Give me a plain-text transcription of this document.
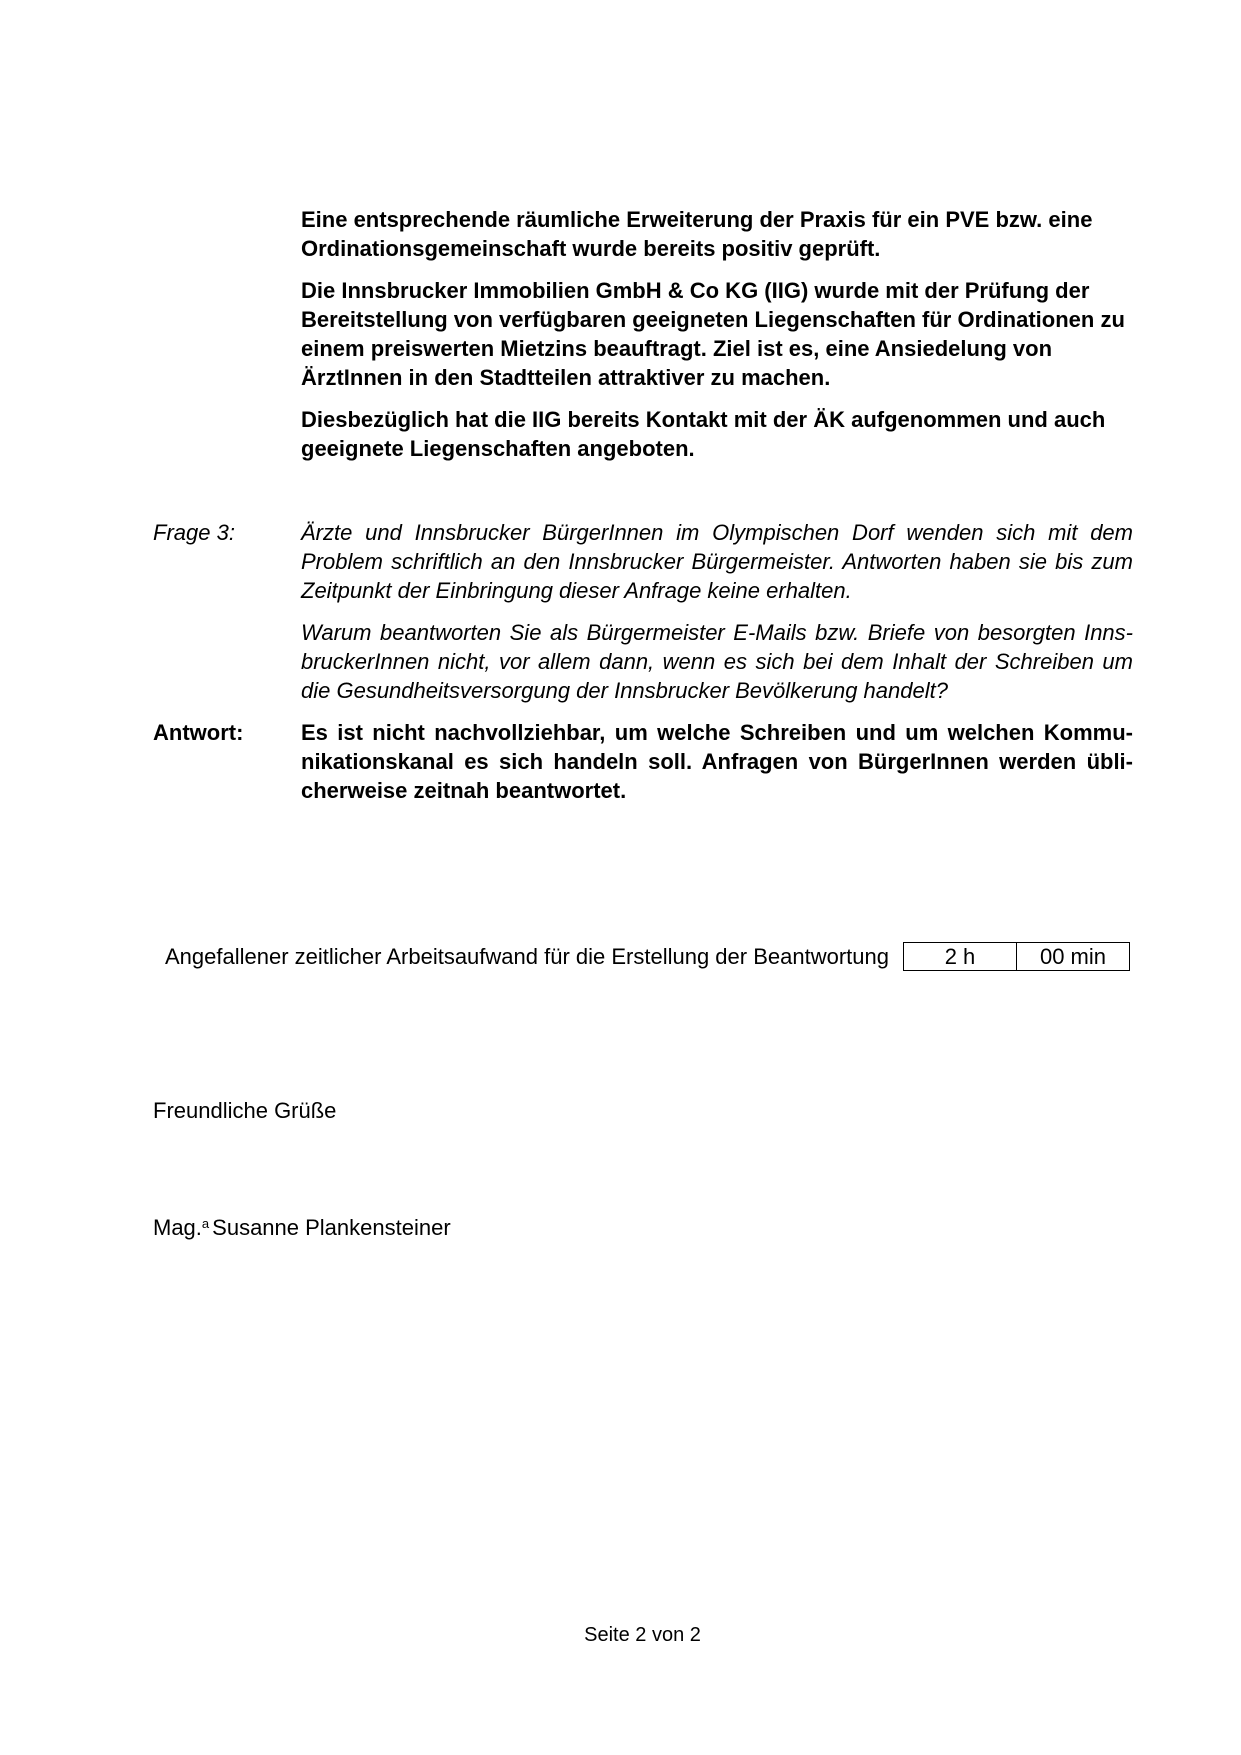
Eine entsprechende räumliche Erweiterung der Praxis für ein PVE bzw. eine Ordinationsgemeinschaft wurde bereits positiv geprüft.

Die Innsbrucker Immobilien GmbH & Co KG (IIG) wurde mit der Prüfung der Bereitstellung von verfügbaren geeigneten Liegenschaften für Ordinationen zu einem preiswerten Mietzins beauftragt. Ziel ist es, eine Ansiedelung von ÄrztInnen in den Stadtteilen attraktiver zu machen.

Diesbezüglich hat die IIG bereits Kontakt mit der ÄK aufgenommen und auch geeignete Liegenschaften angeboten.

Frage 3:	Ärzte und Innsbrucker BürgerInnen im Olympischen Dorf wenden sich mit dem Problem schriftlich an den Innsbrucker Bürgermeister. Antworten haben sie bis zum Zeitpunkt der Einbringung dieser Anfrage keine erhalten.

Warum beantworten Sie als Bürgermeister E-Mails bzw. Briefe von besorgten InnsbruckerInnen nicht, vor allem dann, wenn es sich bei dem Inhalt der Schreiben um die Gesundheitsversorgung der Innsbrucker Bevölkerung handelt?

Antwort:	Es ist nicht nachvollziehbar, um welche Schreiben und um welchen Kommunikationskanal es sich handeln soll. Anfragen von BürgerInnen werden üblicherweise zeitnah beantwortet.

Angefallener zeitlicher Arbeitsaufwand für die Erstellung der Beantwortung	2 h	00 min
Freundliche Grüße
Mag.$^a$ Susanne Plankensteiner
Seite 2 von 2
